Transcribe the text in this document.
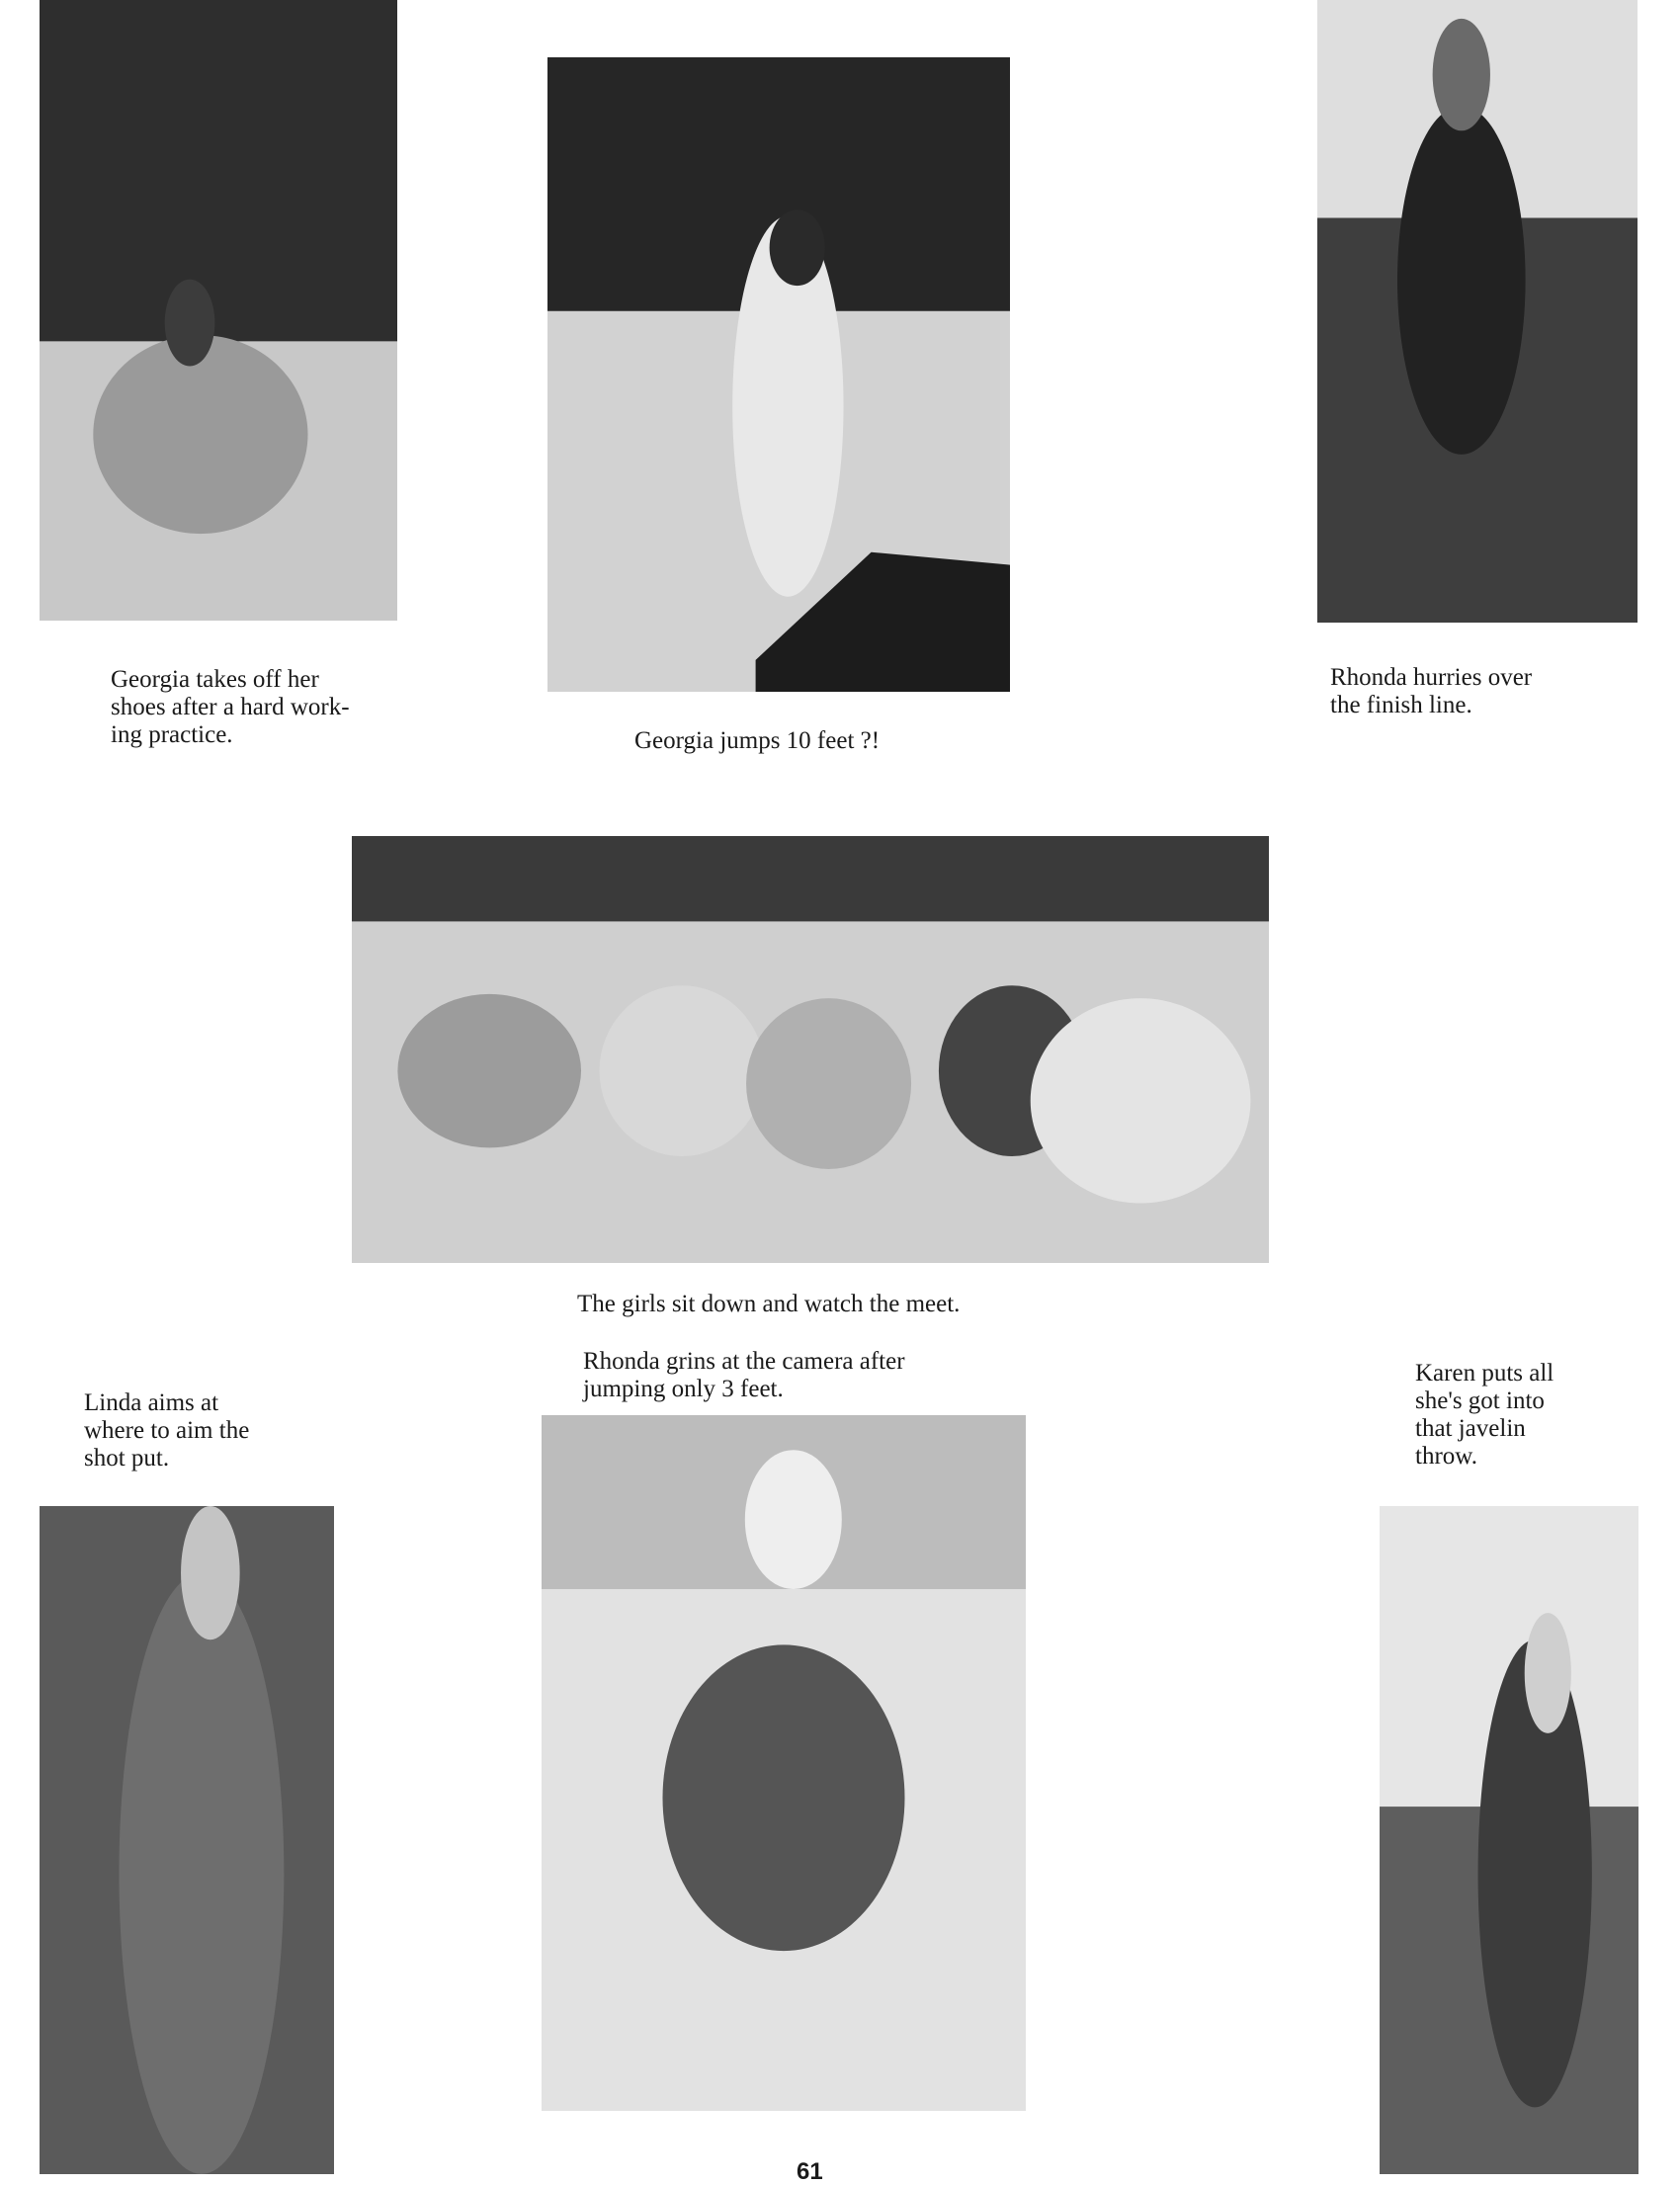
Georgia takes off her
shoes after a hard work-
ing practice.	Georgia jumps 10 feet ?!
Rhonda hurries over
the finish line.
The girls sit down and watch the meet.
Rhonda grins at the camera after
jumping only 3 feet.
Linda aims at
where to aim the
shot put.
Karen puts all
she's got into
that javelin
throw.
61
